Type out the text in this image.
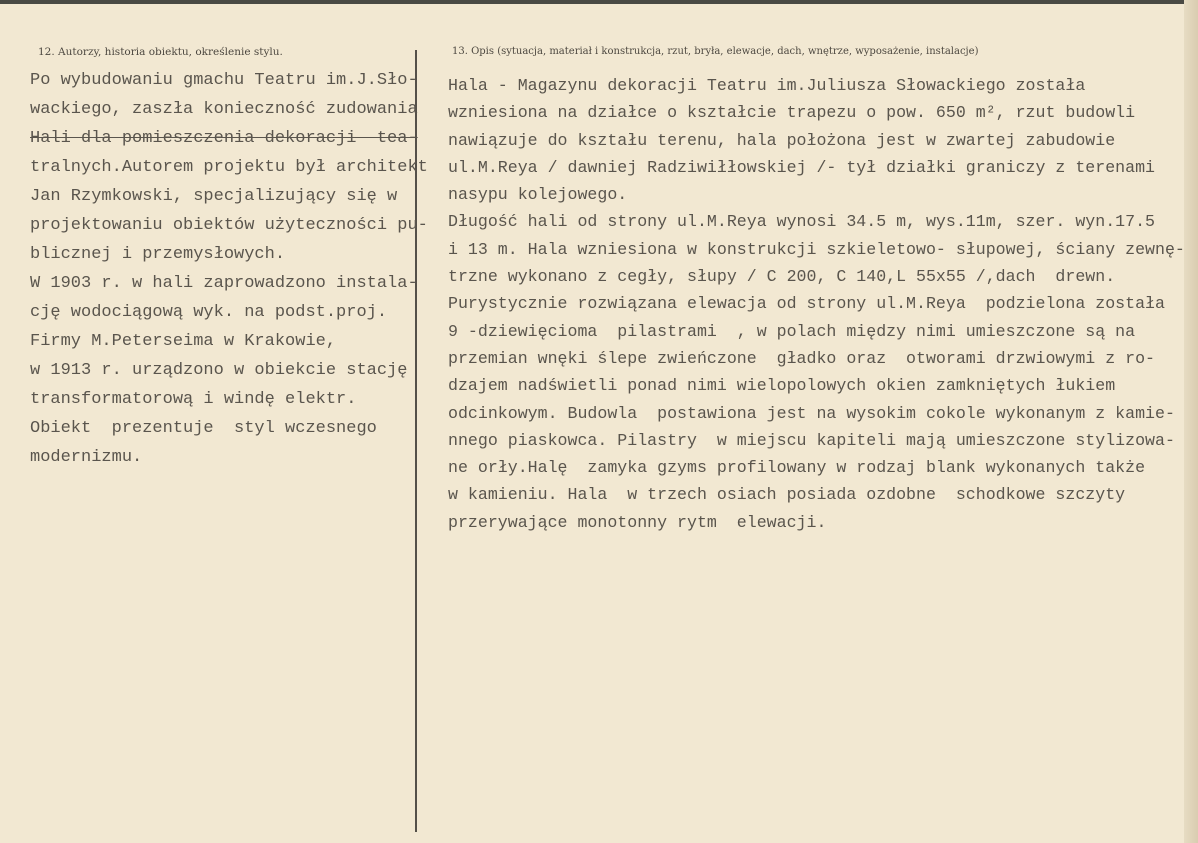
12. Autorzy, historia obiektu, określenie stylu.	13. Opis (sytuacja, materiał i konstrukcja, rzut, bryła, elewacje, dach, wnętrze, wyposażenie, instalacje)
Po wybudowaniu gmachu Teatru im.J.Sło-
wackiego, zaszła konieczność zudowania
Hali dla pomieszczenia dekoracji  tea-
tralnych.Autorem projektu był architekt
Jan Rzymkowski, specjalizujący się w
projektowaniu obiektów użyteczności pu-
blicznej i przemysłowych.
W 1903 r. w hali zaprowadzono instala-
cję wodociągową wyk. na podst.proj.
Firmy M.Peterseima w Krakowie,
w 1913 r. urządzono w obiekcie stację
transformatorową i windę elektr.
Obiekt  prezentuje  styl wczesnego
modernizmu.
Hala - Magazynu dekoracji Teatru im.Juliusza Słowackiego została
wzniesiona na działce o kształcie trapezu o pow. 650 m², rzut budowli
nawiązuje do kształu terenu, hala położona jest w zwartej zabudowie
ul.M.Reya / dawniej Radziwiłłowskiej /- tył działki graniczy z terenami
nasypu kolejowego.
Długość hali od strony ul.M.Reya wynosi 34.5 m, wys.11m, szer. wyn.17.5
i 13 m. Hala wzniesiona w konstrukcji szkieletowo- słupowej, ściany zewnę-
trzne wykonano z cegły, słupy / C 200, C 140,L 55x55 /,dach  drewn.
Purystycznie rozwiązana elewacja od strony ul.M.Reya  podzielona została
9 -dziewięcioma  pilastrami  , w polach między nimi umieszczone są na
przemian wnęki ślepe zwieńczone  gładko oraz  otworami drzwiowymi z ro-
dzajem nadświetli ponad nimi wielopolowych okien zamkniętych łukiem
odcinkowym. Budowla  postawiona jest na wysokim cokole wykonanym z kamie-
nnego piaskowca. Pilastry  w miejscu kapiteli mają umieszczone stylizowa-
ne orły.Halę  zamyka gzyms profilowany w rodzaj blank wykonanych także
w kamieniu. Hala  w trzech osiach posiada ozdobne  schodkowe szczyty
przerywające monotonny rytm  elewacji.
